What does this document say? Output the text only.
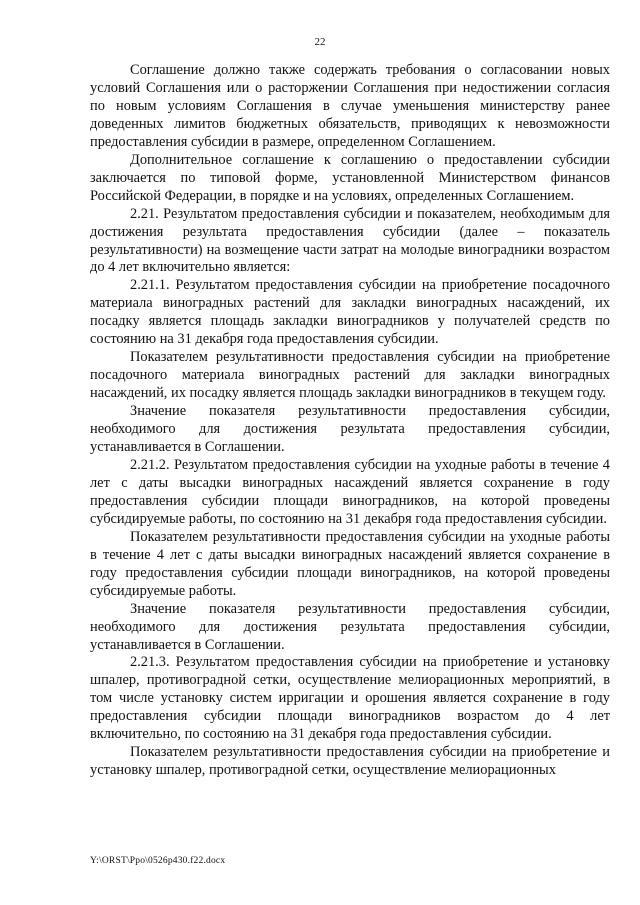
22

Соглашение должно также содержать требования о согласовании новых условий Соглашения или о расторжении Соглашения при недостижении согласия по новым условиям Соглашения в случае уменьшения министерству ранее доведенных лимитов бюджетных обязательств, приводящих к невозможности предоставления субсидии в размере, определенном Соглашением.

Дополнительное соглашение к соглашению о предоставлении субсидии заключается по типовой форме, установленной Министерством финансов Российской Федерации, в порядке и на условиях, определенных Соглашением.

2.21. Результатом предоставления субсидии и показателем, необходимым для достижения результата предоставления субсидии (далее – показатель результативности) на возмещение части затрат на молодые виноградники возрастом до 4 лет включительно является:

2.21.1. Результатом предоставления субсидии на приобретение посадочного материала виноградных растений для закладки виноградных насаждений, их посадку является площадь закладки виноградников у получателей средств по состоянию на 31 декабря года предоставления субсидии.

Показателем результативности предоставления субсидии на приобретение посадочного материала виноградных растений для закладки виноградных насаждений, их посадку является площадь закладки виноградников в текущем году.

Значение показателя результативности предоставления субсидии, необходимого для достижения результата предоставления субсидии, устанавливается в Соглашении.

2.21.2. Результатом предоставления субсидии на уходные работы в течение 4 лет с даты высадки виноградных насаждений является сохранение в году предоставления субсидии площади виноградников, на которой проведены субсидируемые работы, по состоянию на 31 декабря года предоставления субсидии.

Показателем результативности предоставления субсидии на уходные работы в течение 4 лет с даты высадки виноградных насаждений является сохранение в году предоставления субсидии площади виноградников, на которой проведены субсидируемые работы.

Значение показателя результативности предоставления субсидии, необходимого для достижения результата предоставления субсидии, устанавливается в Соглашении.

2.21.3. Результатом предоставления субсидии на приобретение и установку шпалер, противоградной сетки, осуществление мелиорационных мероприятий, в том числе установку систем ирригации и орошения является сохранение в году предоставления субсидии площади виноградников возрастом до 4 лет включительно, по состоянию на 31 декабря года предоставления субсидии.

Показателем результативности предоставления субсидии на приобретение и установку шпалер, противоградной сетки, осуществление мелиорационных

Y:\ORST\Ppo\0526p430.f22.docx
